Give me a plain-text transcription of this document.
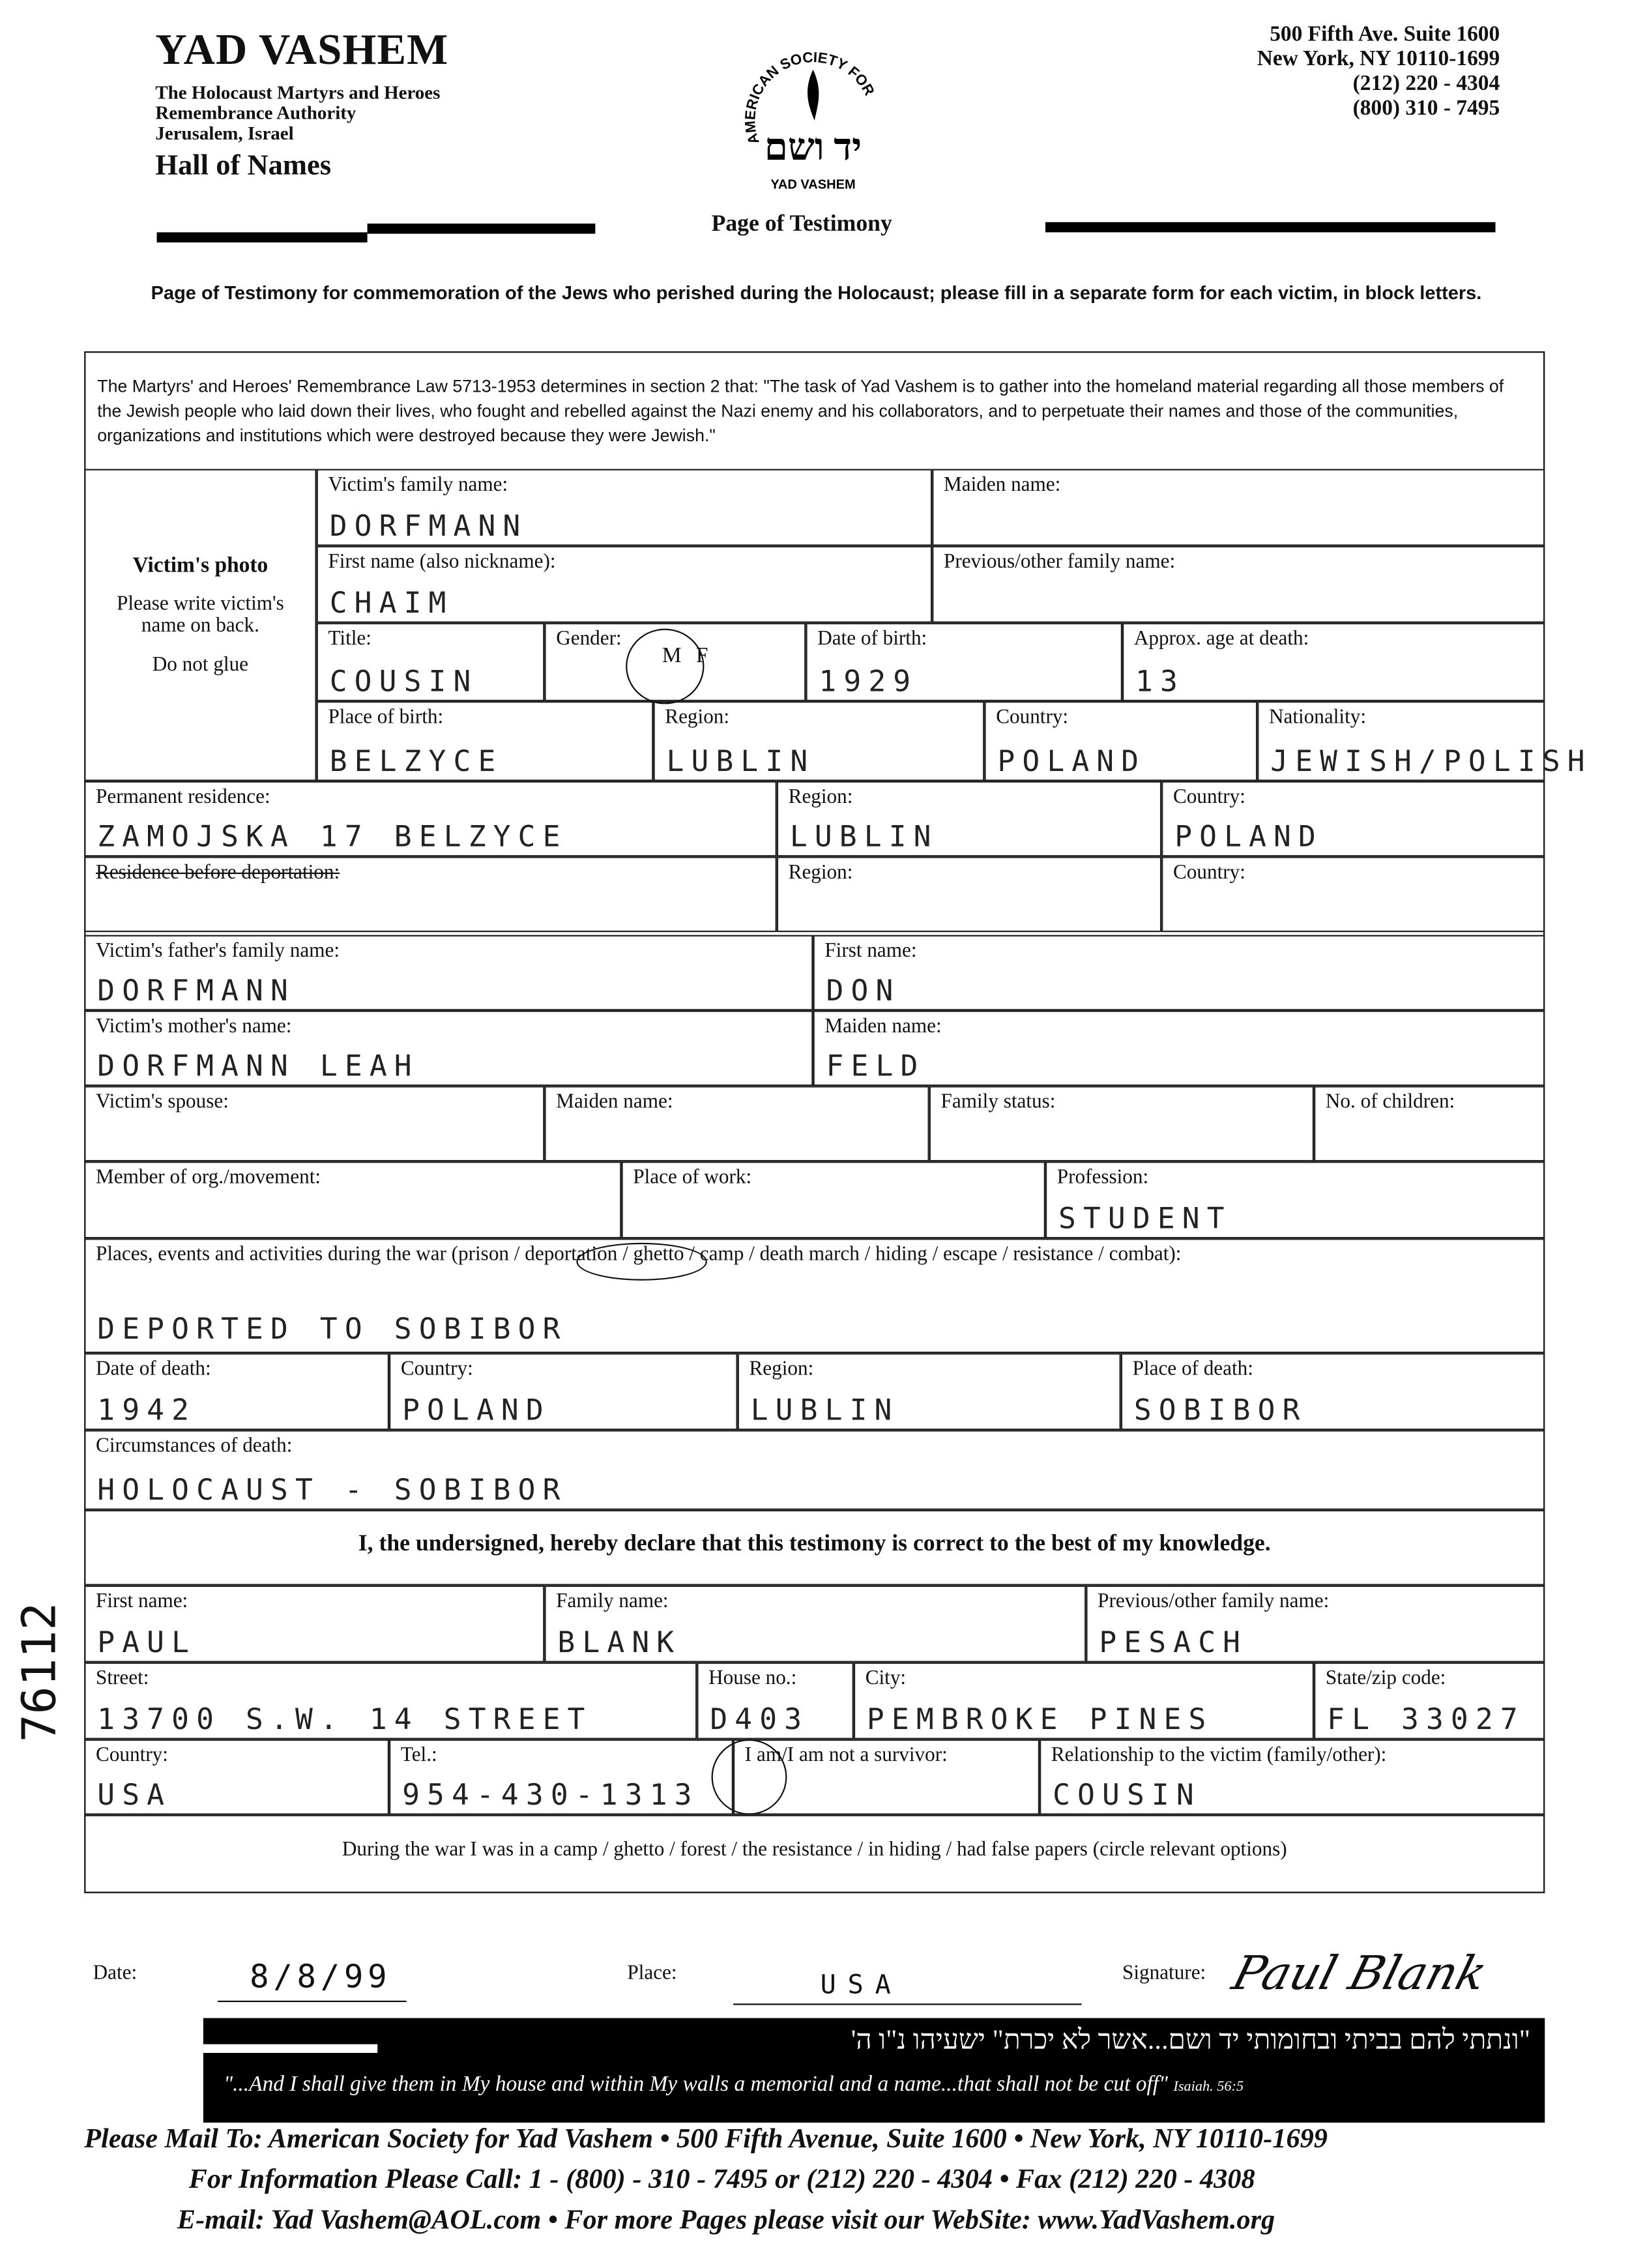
YAD VASHEM
The Holocaust Martyrs and Heroes
Remembrance Authority
Jerusalem, Israel
Hall of Names
AMERICAN SOCIETY FOR
YAD VASHEM
יד ושם
Page of Testimony
500 Fifth Ave. Suite 1600
New York, NY 10110-1699
(212) 220 - 4304
(800) 310 - 7495
Page of Testimony for commemoration of the Jews who perished during the Holocaust; please fill in a separate form for each victim, in block letters.
The Martyrs' and Heroes' Remembrance Law 5713-1953 determines in section 2 that: "The task of Yad Vashem is to gather into the homeland material regarding all those members of the Jewish people who laid down their lives, who fought and rebelled against the Nazi enemy and his collaborators, and to perpetuate their names and those of the communities, organizations and institutions which were destroyed because they were Jewish."
Victim's photo
Please write victim's name on back.
Do not glue
Victim's family name:
DORFMANN
Maiden name:
First name (also nickname):
CHAIM
Previous/other family name:
Title:
COUSIN
Gender:
M F
Date of birth:
1929
Approx. age at death:
13
Place of birth:
BELZYCE
Region:
LUBLIN
Country:
POLAND
Nationality:
JEWISH/POLISH
Permanent residence:
ZAMOJSKA 17 BELZYCE
Region:
LUBLIN
Country:
POLAND
Residence before deportation:	Region:	Country:
Victim's father's family name:
DORFMANN
First name:
DON
Victim's mother's name:
DORFMANN LEAH
Maiden name:
FELD
Victim's spouse:	Maiden name:	Family status:	No. of children:
Member of org./movement:	Place of work:	Profession:
STUDENT
Places, events and activities during the war (prison / deportation / ghetto / camp / death march / hiding / escape / resistance / combat):
DEPORTED TO SOBIBOR
Date of death:
1942
Country:
POLAND
Region:
LUBLIN
Place of death:
SOBIBOR
Circumstances of death:
HOLOCAUST - SOBIBOR
I, the undersigned, hereby declare that this testimony is correct to the best of my knowledge.
First name:
PAUL
Family name:
BLANK
Previous/other family name:
PESACH
Street:
13700 S.W. 14 STREET
House no.:
D403
City:
PEMBROKE PINES
State/zip code:
FL 33027
Country:
USA
Tel.:
954-430-1313
I am/I am not a survivor:	Relationship to the victim (family/other):
COUSIN
During the war I was in a camp / ghetto / forest / the resistance / in hiding / had false papers (circle relevant options)
76112
Date:	8/8/99	Place:	USA	Signature: Paul Blank
"ונתתי להם בביתי ובחומותי יד ושם...אשר לא יכרת" ישעיהו נ"ו ה'
"...And I shall give them in My house and within My walls a memorial and a name...that shall not be cut off" Isaiah. 56:5
Please Mail To: American Society for Yad Vashem • 500 Fifth Avenue, Suite 1600 • New York, NY 10110-1699
For Information Please Call: 1 - (800) - 310 - 7495 or (212) 220 - 4304 • Fax (212) 220 - 4308
E-mail: Yad Vashem@AOL.com • For more Pages please visit our WebSite: www.YadVashem.org
